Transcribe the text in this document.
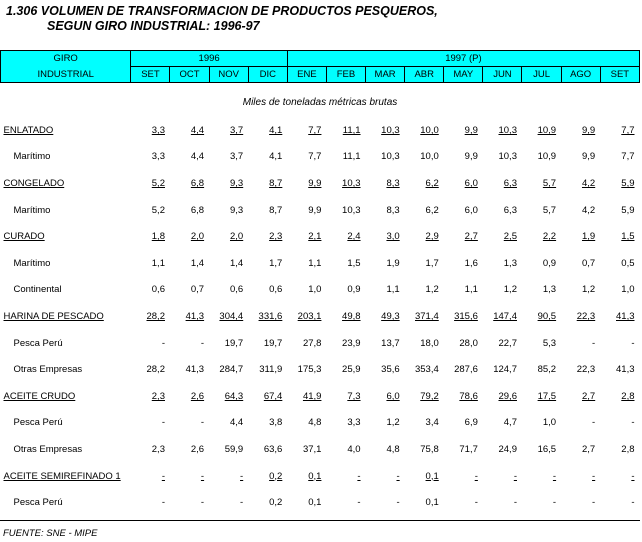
1.306 VOLUMEN DE TRANSFORMACION DE PRODUCTOS PESQUEROS,
SEGUN GIRO INDUSTRIAL: 1996-97
GIRO	1996				1997 (P)								
INDUSTRIAL	SET	OCT	NOV	DIC	ENE	FEB	MAR	ABR	MAY	JUN	JUL	AGO	SET
Miles de toneladas métricas brutas													
ENLATADO	3,3	4,4	3,7	4,1	7,7	11,1	10,3	10,0	9,9	10,3	10,9	9,9	7,7
Marítimo	3,3	4,4	3,7	4,1	7,7	11,1	10,3	10,0	9,9	10,3	10,9	9,9	7,7
CONGELADO	5,2	6,8	9,3	8,7	9,9	10,3	8,3	6,2	6,0	6,3	5,7	4,2	5,9
Marítimo	5,2	6,8	9,3	8,7	9,9	10,3	8,3	6,2	6,0	6,3	5,7	4,2	5,9
CURADO	1,8	2,0	2,0	2,3	2,1	2,4	3,0	2,9	2,7	2,5	2,2	1,9	1,5
Marítimo	1,1	1,4	1,4	1,7	1,1	1,5	1,9	1,7	1,6	1,3	0,9	0,7	0,5
Continental	0,6	0,7	0,6	0,6	1,0	0,9	1,1	1,2	1,1	1,2	1,3	1,2	1,0
HARINA DE PESCADO	28,2	41,3	304,4	331,6	203,1	49,8	49,3	371,4	315,6	147,4	90,5	22,3	41,3
Pesca Perú	-	-	19,7	19,7	27,8	23,9	13,7	18,0	28,0	22,7	5,3	-	-
Otras Empresas	28,2	41,3	284,7	311,9	175,3	25,9	35,6	353,4	287,6	124,7	85,2	22,3	41,3
ACEITE CRUDO	2,3	2,6	64,3	67,4	41,9	7,3	6,0	79,2	78,6	29,6	17,5	2,7	2,8
Pesca Perú	-	-	4,4	3,8	4,8	3,3	1,2	3,4	6,9	4,7	1,0	-	-
Otras Empresas	2,3	2,6	59,9	63,6	37,1	4,0	4,8	75,8	71,7	24,9	16,5	2,7	2,8
ACEITE SEMIREFINADO 1	-	-	-	0,2	0,1	-	-	0,1	-	-	-	-	-
Pesca Perú	-	-	-	0,2	0,1	-	-	0,1	-	-	-	-	-
FUENTE: SNE - MIPE
